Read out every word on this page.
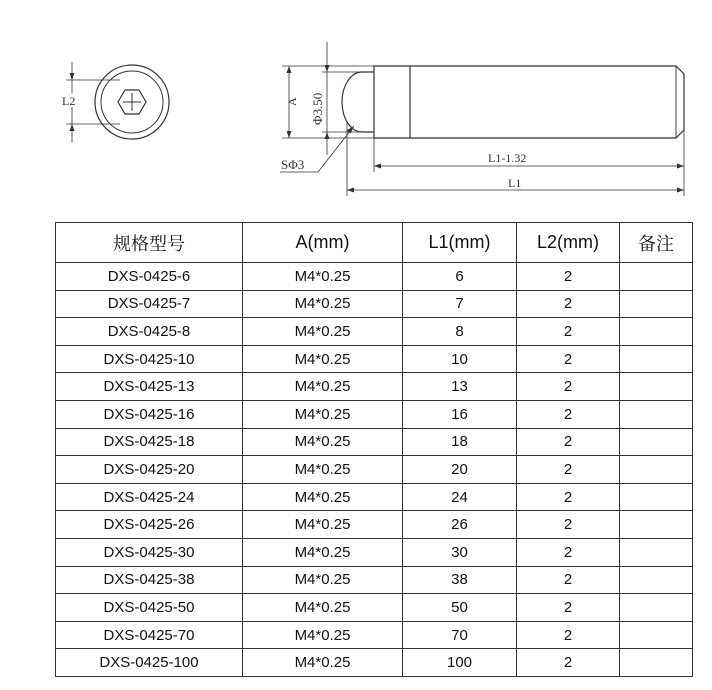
L2	A Φ3.50
SΦ3	L1-1.32
L1
规格型号	A(mm)	L1(mm)	L2(mm)	备注
DXS-0425-6	M4*0.25	6	2	
DXS-0425-7	M4*0.25	7	2	
DXS-0425-8	M4*0.25	8	2	
DXS-0425-10	M4*0.25	10	2	
DXS-0425-13	M4*0.25	13	2	
DXS-0425-16	M4*0.25	16	2	
DXS-0425-18	M4*0.25	18	2	
DXS-0425-20	M4*0.25	20	2	
DXS-0425-24	M4*0.25	24	2	
DXS-0425-26	M4*0.25	26	2	
DXS-0425-30	M4*0.25	30	2	
DXS-0425-38	M4*0.25	38	2	
DXS-0425-50	M4*0.25	50	2	
DXS-0425-70	M4*0.25	70	2	
DXS-0425-100	M4*0.25	100	2	
